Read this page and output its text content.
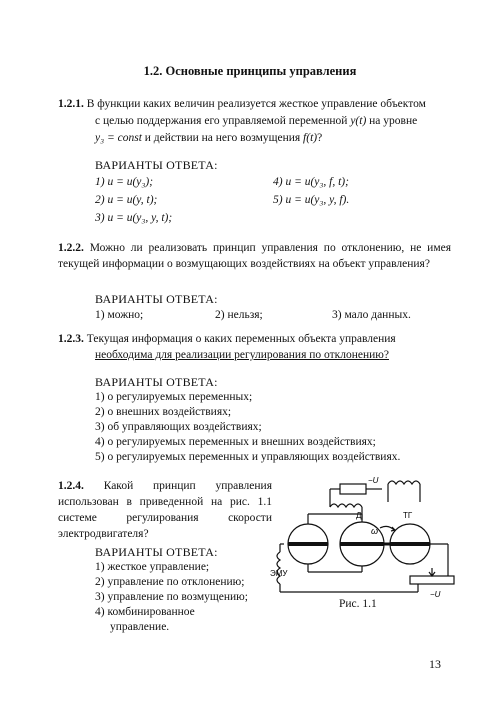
1.2. Основные принципы управления
1.2.1. В функции каких величин реализуется жесткое управление объектом
с целью поддержания его управляемой переменной y(t) на уровне
y₃ = const и действии на него возмущения f(t)?
ВАРИАНТЫ ОТВЕТА:
1) u = u(y₃);
2) u = u(y, t);
3) u = u(y₃, y, t);
4) u = u(y₃, f, t);
5) u = u(y₃, y, f).
1.2.2. Можно ли реализовать принцип управления по отклонению, не имея текущей информации о возмущающих воздействиях на объект управления?
ВАРИАНТЫ ОТВЕТА:
1) можно;	2) нельзя;	3) мало данных.
1.2.3. Текущая информация о каких переменных объекта управления
необходима для реализации регулирования по отклонению?
ВАРИАНТЫ ОТВЕТА:
1) о регулируемых переменных;
2) о внешних воздействиях;
3) об управляющих воздействиях;
4) о регулируемых переменных и внешних воздействиях;
5) о регулируемых переменных и управляющих воздействиях.
1.2.4. Какой принцип управления использован в приведенной на рис. 1.1 системе регулирования скорости электродвигателя?
ВАРИАНТЫ ОТВЕТА:
1) жесткое управление;
2) управление по отклонению;
3) управление по возмущению;
4) комбинированное
управление.
−U
Д	ТГ
ЭМУ
ω
−U
Рис. 1.1
13
